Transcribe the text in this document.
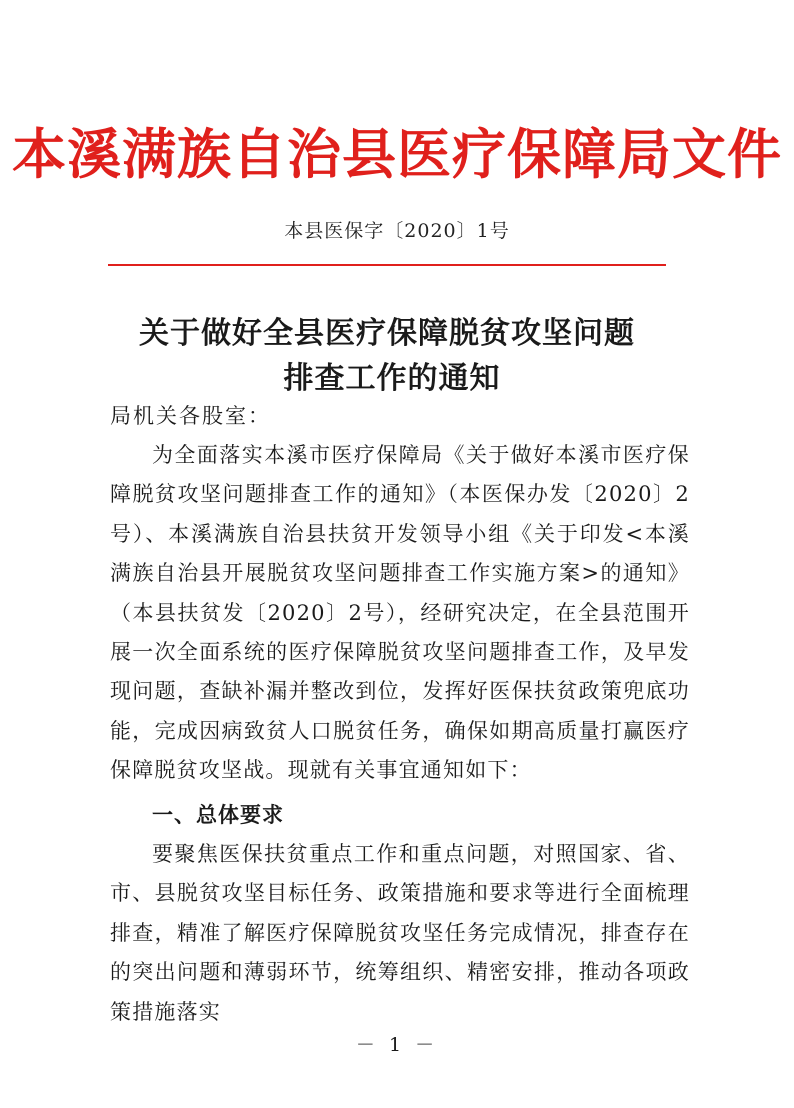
本溪满族自治县医疗保障局文件
本县医保字〔2020〕1号
关于做好全县医疗保障脱贫攻坚问题
排查工作的通知
局机关各股室：
为全面落实本溪市医疗保障局《关于做好本溪市医疗保障脱贫攻坚问题排查工作的通知》（本医保办发〔2020〕2号）、本溪满族自治县扶贫开发领导小组《关于印发<本溪满族自治县开展脱贫攻坚问题排查工作实施方案>的通知》（本县扶贫发〔2020〕2号），经研究决定，在全县范围开展一次全面系统的医疗保障脱贫攻坚问题排查工作，及早发现问题，查缺补漏并整改到位，发挥好医保扶贫政策兜底功能，完成因病致贫人口脱贫任务，确保如期高质量打赢医疗保障脱贫攻坚战。现就有关事宜通知如下：
一、总体要求
要聚焦医保扶贫重点工作和重点问题，对照国家、省、市、县脱贫攻坚目标任务、政策措施和要求等进行全面梳理排查，精准了解医疗保障脱贫攻坚任务完成情况，排查存在的突出问题和薄弱环节，统筹组织、精密安排，推动各项政策措施落实
－ 1 －
